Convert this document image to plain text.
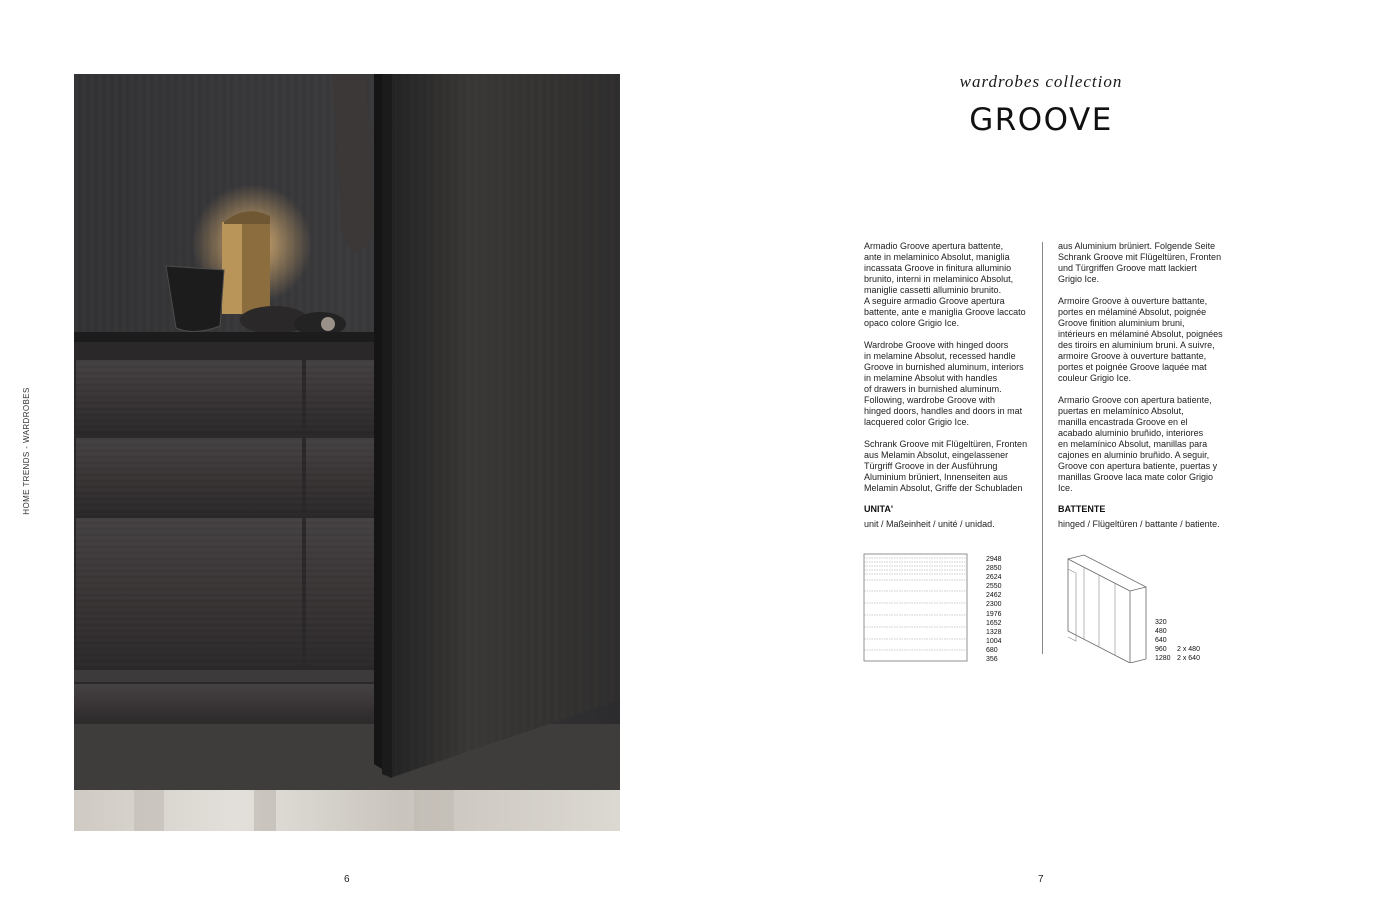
HOME TRENDS - WARDROBES
6	7
wardrobes collection
GROOVE

Armadio Groove apertura battente,
ante in melaminico Absolut, maniglia
incassata Groove in finitura alluminio
brunito, interni in melaminico Absolut,
maniglie cassetti alluminio brunito.
A seguire armadio Groove apertura
battente, ante e maniglia Groove laccato
opaco colore Grigio Ice.

Wardrobe Groove with hinged doors
in melamine Absolut, recessed handle
Groove in burnished aluminum, interiors
in melamine Absolut with handles
of drawers in burnished aluminum.
Following, wardrobe Groove with
hinged doors, handles and doors in mat
lacquered color Grigio Ice.

Schrank Groove mit Flügeltüren, Fronten
aus Melamin Absolut, eingelassener
Türgriff Groove in der Ausführung
Aluminium brüniert, Innenseiten aus
Melamin Absolut, Griffe der Schubladen

aus Aluminium brüniert. Folgende Seite
Schrank Groove mit Flügeltüren, Fronten
und Türgriffen Groove matt lackiert
Grigio Ice.

Armoire Groove à ouverture battante,
portes en mélaminé Absolut, poignée
Groove finition aluminium bruni,
intérieurs en mélaminé Absolut, poignées
des tiroirs en aluminium bruni. A suivre,
armoire Groove à ouverture battante,
portes et poignée Groove laquée mat
couleur Grigio Ice.

Armario Groove con apertura batiente,
puertas en melamínico Absolut,
manilla encastrada Groove en el
acabado aluminio bruñido, interiores
en melamínico Absolut, manillas para
cajones en aluminio bruñido. A seguir,
Groove con apertura batiente, puertas y
manillas Groove laca mate color Grigio
Ice.

UNITA'
unit / Maßeinheit / unité / unidad.
2948
2850
2624
2550
2462
2300
1976
1652
1328
1004
680
356
BATTENTE
hinged / Flügeltüren / battante / batiente.
320
480
640
960	2 x 480
1280 2 x 640
